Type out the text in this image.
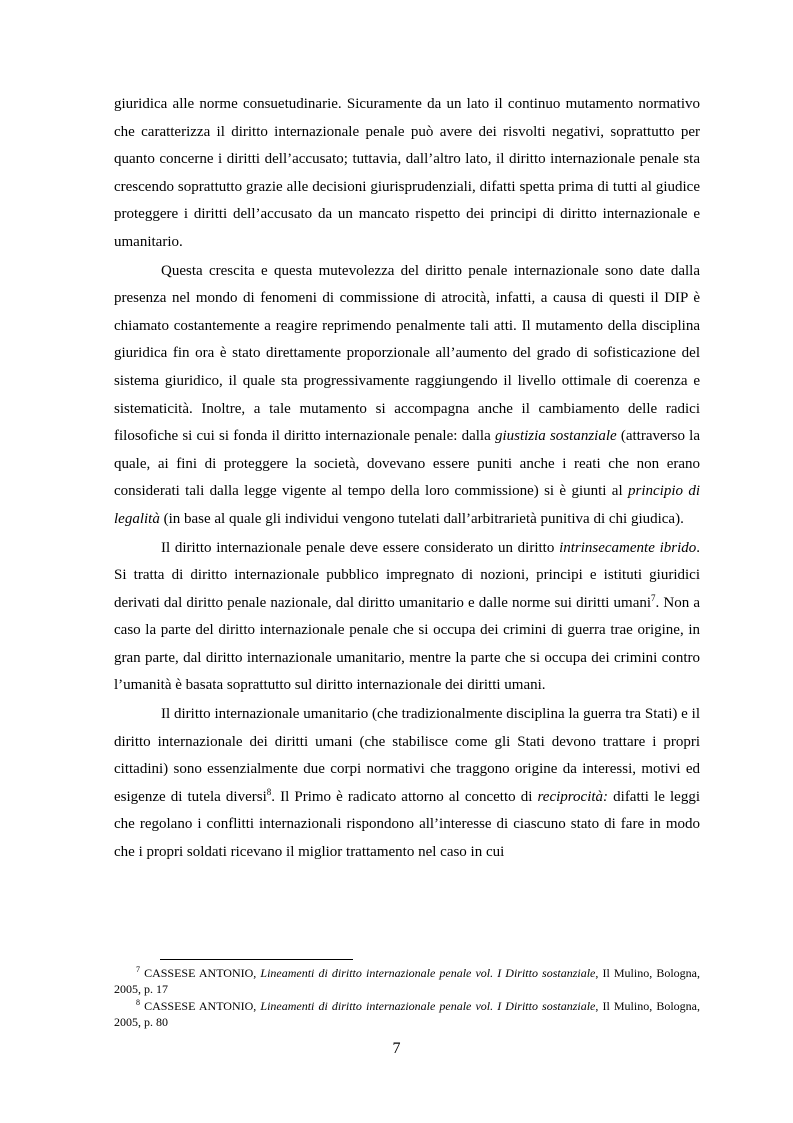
giuridica alle norme consuetudinarie. Sicuramente da un lato il continuo mutamento normativo che caratterizza il diritto internazionale penale può avere dei risvolti negativi, soprattutto per quanto concerne i diritti dell’accusato; tuttavia, dall’altro lato, il diritto internazionale penale sta crescendo soprattutto grazie alle decisioni giurisprudenziali, difatti spetta prima di tutti al giudice proteggere i diritti dell’accusato da un mancato rispetto dei principi di diritto internazionale e umanitario.

Questa crescita e questa mutevolezza del diritto penale internazionale sono date dalla presenza nel mondo di fenomeni di commissione di atrocità, infatti, a causa di questi il DIP è chiamato costantemente a reagire reprimendo penalmente tali atti. Il mutamento della disciplina giuridica fin ora è stato direttamente proporzionale all’aumento del grado di sofisticazione del sistema giuridico, il quale sta progressivamente raggiungendo il livello ottimale di coerenza e sistematicità. Inoltre, a tale mutamento si accompagna anche il cambiamento delle radici filosofiche si cui si fonda il diritto internazionale penale: dalla giustizia sostanziale (attraverso la quale, ai fini di proteggere la società, dovevano essere puniti anche i reati che non erano considerati tali dalla legge vigente al tempo della loro commissione) si è giunti al principio di legalità (in base al quale gli individui vengono tutelati dall’arbitrarietà punitiva di chi giudica).

Il diritto internazionale penale deve essere considerato un diritto intrinsecamente ibrido. Si tratta di diritto internazionale pubblico impregnato di nozioni, principi e istituti giuridici derivati dal diritto penale nazionale, dal diritto umanitario e dalle norme sui diritti umani$^7$. Non a caso la parte del diritto internazionale penale che si occupa dei crimini di guerra trae origine, in gran parte, dal diritto internazionale umanitario, mentre la parte che si occupa dei crimini contro l’umanità è basata soprattutto sul diritto internazionale dei diritti umani.

Il diritto internazionale umanitario (che tradizionalmente disciplina la guerra tra Stati) e il diritto internazionale dei diritti umani (che stabilisce come gli Stati devono trattare i propri cittadini) sono essenzialmente due corpi normativi che traggono origine da interessi, motivi ed esigenze di tutela diversi$^8$. Il Primo è radicato attorno al concetto di reciprocità: difatti le leggi che regolano i conflitti internazionali rispondono all’interesse di ciascuno stato di fare in modo che i propri soldati ricevano il miglior trattamento nel caso in cui

$^7$ CASSESE ANTONIO, Lineamenti di diritto internazionale penale vol. I Diritto sostanziale, Il Mulino, Bologna, 2005, p. 17

$^8$ CASSESE ANTONIO, Lineamenti di diritto internazionale penale vol. I Diritto sostanziale, Il Mulino, Bologna, 2005, p. 80

7
